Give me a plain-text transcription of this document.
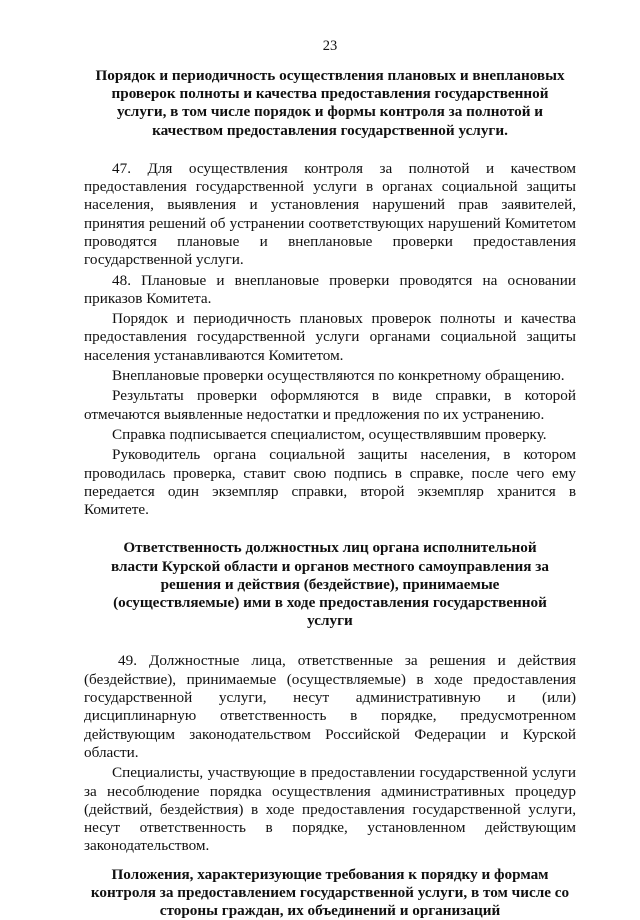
23
Порядок и периодичность осуществления плановых и внеплановых проверок полноты и качества предоставления государственной услуги, в том числе порядок и формы контроля за полнотой и качеством предоставления государственной услуги.

47. Для осуществления контроля за полнотой и качеством предоставления государственной услуги в органах социальной защиты населения, выявления и установления нарушений прав заявителей, принятия решений об устранении соответствующих нарушений Комитетом проводятся плановые и внеплановые проверки предоставления государственной услуги.

48. Плановые и внеплановые проверки проводятся на основании приказов Комитета.

Порядок и периодичность плановых проверок полноты и качества предоставления государственной услуги органами социальной защиты населения устанавливаются Комитетом.

Внеплановые проверки осуществляются по конкретному обращению.

Результаты проверки оформляются в виде справки, в которой отмечаются выявленные недостатки и предложения по их устранению.

Справка подписывается специалистом, осуществлявшим проверку.

Руководитель органа социальной защиты населения, в котором проводилась проверка, ставит свою подпись в справке, после чего ему передается один экземпляр справки, второй экземпляр хранится в Комитете.

Ответственность должностных лиц органа исполнительной власти Курской области и органов местного самоуправления за решения и действия (бездействие), принимаемые (осуществляемые) ими в ходе предоставления государственной услуги

49. Должностные лица, ответственные за решения и действия (бездействие), принимаемые (осуществляемые) в ходе предоставления государственной услуги, несут административную и (или) дисциплинарную ответственность в порядке, предусмотренном действующим законодательством Российской Федерации и Курской области.

Специалисты, участвующие в предоставлении государственной услуги за несоблюдение порядка осуществления административных процедур (действий, бездействия) в ходе предоставления государственной услуги, несут ответственность в порядке, установленном действующим законодательством.

Положения, характеризующие требования к порядку и формам контроля за предоставлением государственной услуги, в том числе со стороны граждан, их объединений и организаций
